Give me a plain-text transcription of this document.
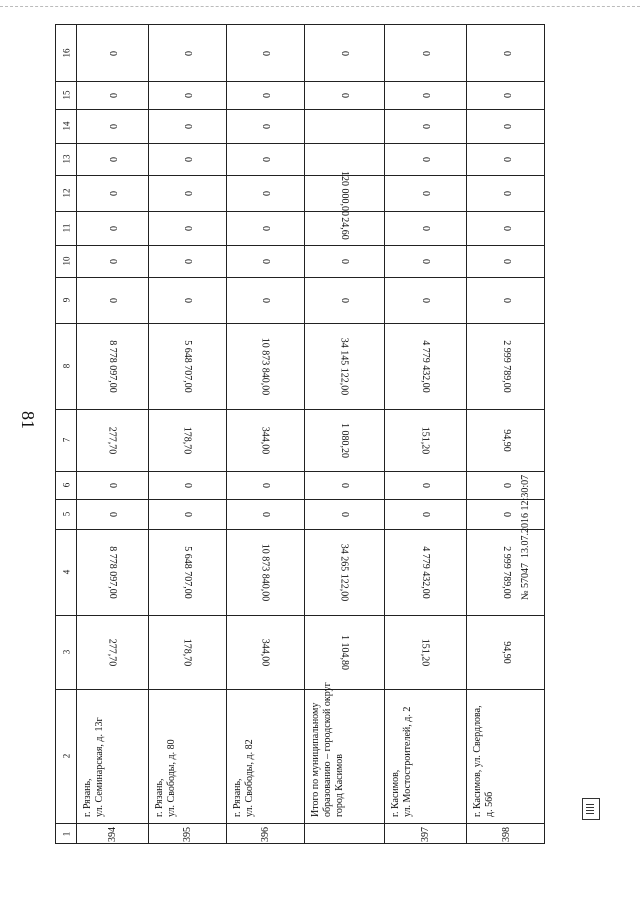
81
1
2
3
4
5
6
7
8
9
10
11
12
13
14
15
16
394
г. Рязань, ул. Семинарская, д. 13г
277,70
8 778 097,00
0
0
277,70
8 778 097,00
0
0
0
0
0
0
0
0
395
г. Рязань, ул. Свободы, д. 80
178,70
5 648 707,00
0
0
178,70
5 648 707,00
0
0
0
0
0
0
0
0
396
г. Рязань, ул. Свободы, д. 82
344,00
10 873 840,00
0
0
344,00
10 873 840,00
0
0
0
0
0
0
0
0
Итого по муниципальному образованию – городской округ город Касимов
1 104,80
34 265 122,00
0
0
1 080,20
34 145 122,00
0
0
24,60
120 000,00
0
0
397
г. Касимов, ул. Мостостроителей, д. 2
151,20
4 779 432,00
0
0
151,20
4 779 432,00
0
0
0
0
0
0
0
0
398
г. Касимов, ул. Свердлова, д. 56б
94,90
2 999 789,00
0
0
94,90
2 999 789,00
0
0
0
0
0
0
0
0
№ 57047  13.07.2016 12:30:07
